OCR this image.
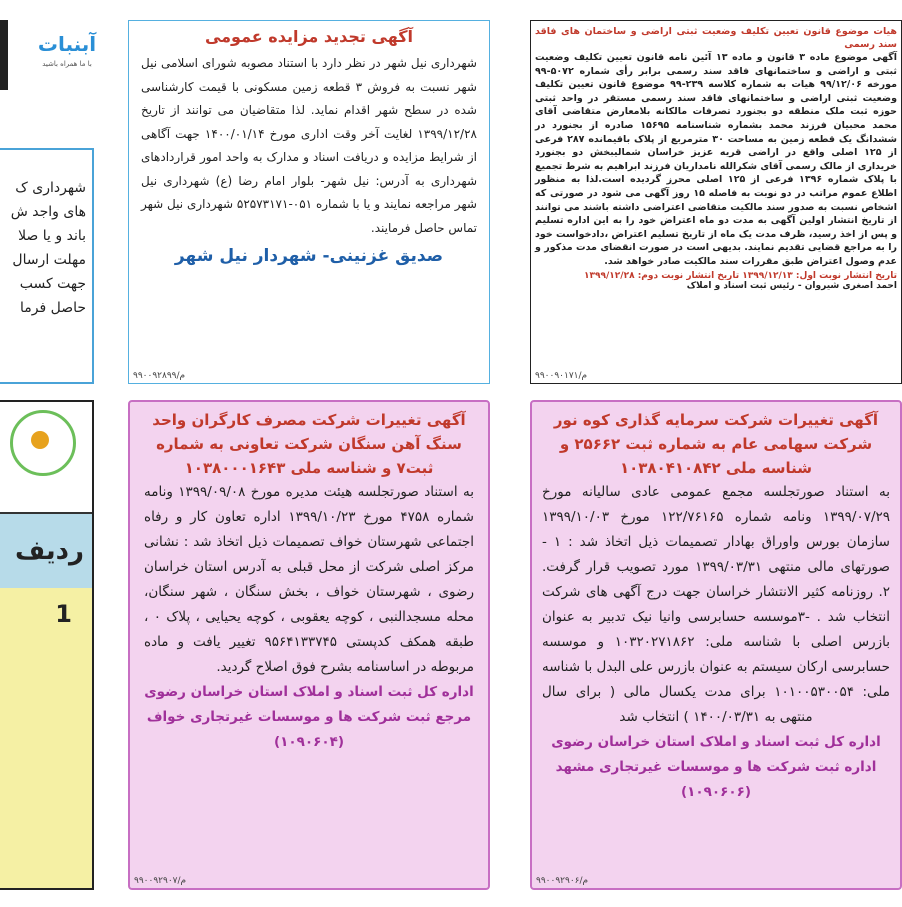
آبنبات
با ما همراه باشید
شهرداری ک
های واجد ش
باند و یا صلا
مهلت ارسال
جهت کسب
حاصل فرما
ردیف
1
آگهی تجدید مزایده عمومی
شهرداری نیل شهر در نظر دارد با استناد مصوبه شورای اسلامی نیل شهر نسبت به فروش ۳ قطعه زمین مسکونی با قیمت کارشناسی شده در سطح شهر اقدام نماید. لذا متقاضیان می توانند از تاریخ ۱۳۹۹/۱۲/۲۸ لغایت آخر وقت اداری مورخ ۱۴۰۰/۰۱/۱۴ جهت آگاهی از شرایط مزایده و دریافت اسناد و مدارک به واحد امور قراردادهای شهرداری به آدرس: نیل شهر- بلوار امام رضا (ع) شهرداری نیل شهر مراجعه نمایند و یا با شماره ۰۵۱-۵۲۵۷۳۱۷۱ شهرداری نیل شهر تماس حاصل فرمایند.
صدیق غزنینی- شهردار نیل شهر
۹۹۰۰۹۲۸۹۹/م
هیات موضوع قانون تعیین تکلیف وضعیت ثبتی اراضی و ساختمان های فاقد سند رسمی
آگهی موضوع ماده ۳ قانون و ماده ۱۳ آئین نامه قانون تعیین تکلیف وضعیت ثبتی و اراضی و ساختمانهای فاقد سند رسمی برابر رأی شماره ۵۰۷۲-۹۹ مورخه ۹۹/۱۲/۰۶ هیات به شماره کلاسه ۲۳۹-۹۹ موضوع قانون تعیین تکلیف وضعیت ثبتی اراضی و ساختمانهای فاقد سند رسمی مستقر در واحد ثبتی حوزه ثبت ملک منطقه دو بجنورد تصرفات مالکانه بلامعارض متقاضی آقای محمد محبیان فرزند محمد بشماره شناسنامه ۱۵۶۹۵ صادره از بجنورد در ششدانگ یک قطعه زمین به مساحت ۳۰ مترمربع از پلاک باقیمانده ۲۸۷ فرعی از ۱۲۵ اصلی واقع در اراضی قریه عزیز خراسان شمالیبخش دو بجنورد خریداری از مالک رسمی آقای شکرالله نامداریان فرزند ابراهیم به شرط تجمیع با پلاک شماره ۱۳۹۶ فرعی از ۱۲۵ اصلی محرز گردیده است.لذا به منظور اطلاع عموم مراتب در دو نوبت به فاصله ۱۵ روز آگهی می شود در صورتی که اشخاص نسبت به صدور سند مالکیت متقاضی اعتراضی داشته باشند می توانند از تاریخ انتشار اولین آگهی به مدت دو ماه اعتراض خود را به این اداره تسلیم و پس از اخذ رسید، ظرف مدت یک ماه از تاریخ تسلیم اعتراض ،دادخواست خود را به مراجع قضایی تقدیم نمایند. بدیهی است در صورت انقضای مدت مذکور و عدم وصول اعتراض طبق مقررات سند مالکیت صادر خواهد شد.
تاریخ انتشار نوبت اول: ۱۳۹۹/۱۲/۱۳ تاریخ انتشار نوبت دوم: ۱۳۹۹/۱۲/۲۸
احمد اصغری شیروان - رئیس ثبت اسناد و املاک
۹۹۰۰۹۰۱۷۱/م
آگهی تغییرات شرکت مصرف کارگران واحد سنگ آهن سنگان شرکت تعاونی به شماره ثبت۷ و شناسه ملی ۱۰۳۸۰۰۰۱۶۴۳
به استناد صورتجلسه هیئت مدیره مورخ ۱۳۹۹/۰۹/۰۸ ونامه شماره ۴۷۵۸ مورخ ۱۳۹۹/۱۰/۲۳ اداره تعاون کار و رفاه اجتماعی شهرستان خواف تصمیمات ذیل اتخاذ شد : نشانی مرکز اصلی شرکت از محل قبلی به آدرس استان خراسان رضوی ، شهرستان خواف ، بخش سنگان ، شهر سنگان، محله مسجدالنبی ، کوچه یعقوبی ، کوچه یحیایی ، پلاک ۰ ، طبقه همکف کدپستی ۹۵۶۴۱۳۳۷۴۵ تغییر یافت و ماده مربوطه در اساسنامه بشرح فوق اصلاح گردید.
اداره کل ثبت اسناد و املاک استان خراسان رضوی مرجع ثبت شرکت ها و موسسات غیرتجاری خواف (۱۰۹۰۶۰۴)
۹۹۰۰۹۲۹۰۷/م
آگهی تغییرات شرکت سرمایه گذاری کوه نور شرکت سهامی عام به شماره ثبت ۲۵۶۶۲ و شناسه ملی ۱۰۳۸۰۴۱۰۸۴۲
به استناد صورتجلسه مجمع عمومی عادی سالیانه مورخ ۱۳۹۹/۰۷/۲۹ ونامه شماره ۱۲۲/۷۶۱۶۵ مورخ ۱۳۹۹/۱۰/۰۳ سازمان بورس واوراق بهادار تصمیمات ذیل اتخاذ شد : ۱ - صورتهای مالی منتهی ۱۳۹۹/۰۳/۳۱ مورد تصویب قرار گرفت. ۲. روزنامه کثیر الانتشار خراسان جهت درج آگهی های شرکت انتخاب شد . -۳موسسه حسابرسی وانیا نیک تدبیر به عنوان بازرس اصلی با شناسه ملی: ۱۰۳۲۰۲۷۱۸۶۲ و موسسه حسابرسی ارکان سیستم به عنوان بازرس علی البدل با شناسه ملی: ۱۰۱۰۰۵۳۰۰۵۴ برای مدت یکسال مالی ( برای سال منتهی به ۱۴۰۰/۰۳/۳۱ ) انتخاب شد
اداره کل ثبت اسناد و املاک استان خراسان رضوی اداره ثبت شرکت ها و موسسات غیرتجاری مشهد (۱۰۹۰۶۰۶)
۹۹۰۰۹۲۹۰۶/م
